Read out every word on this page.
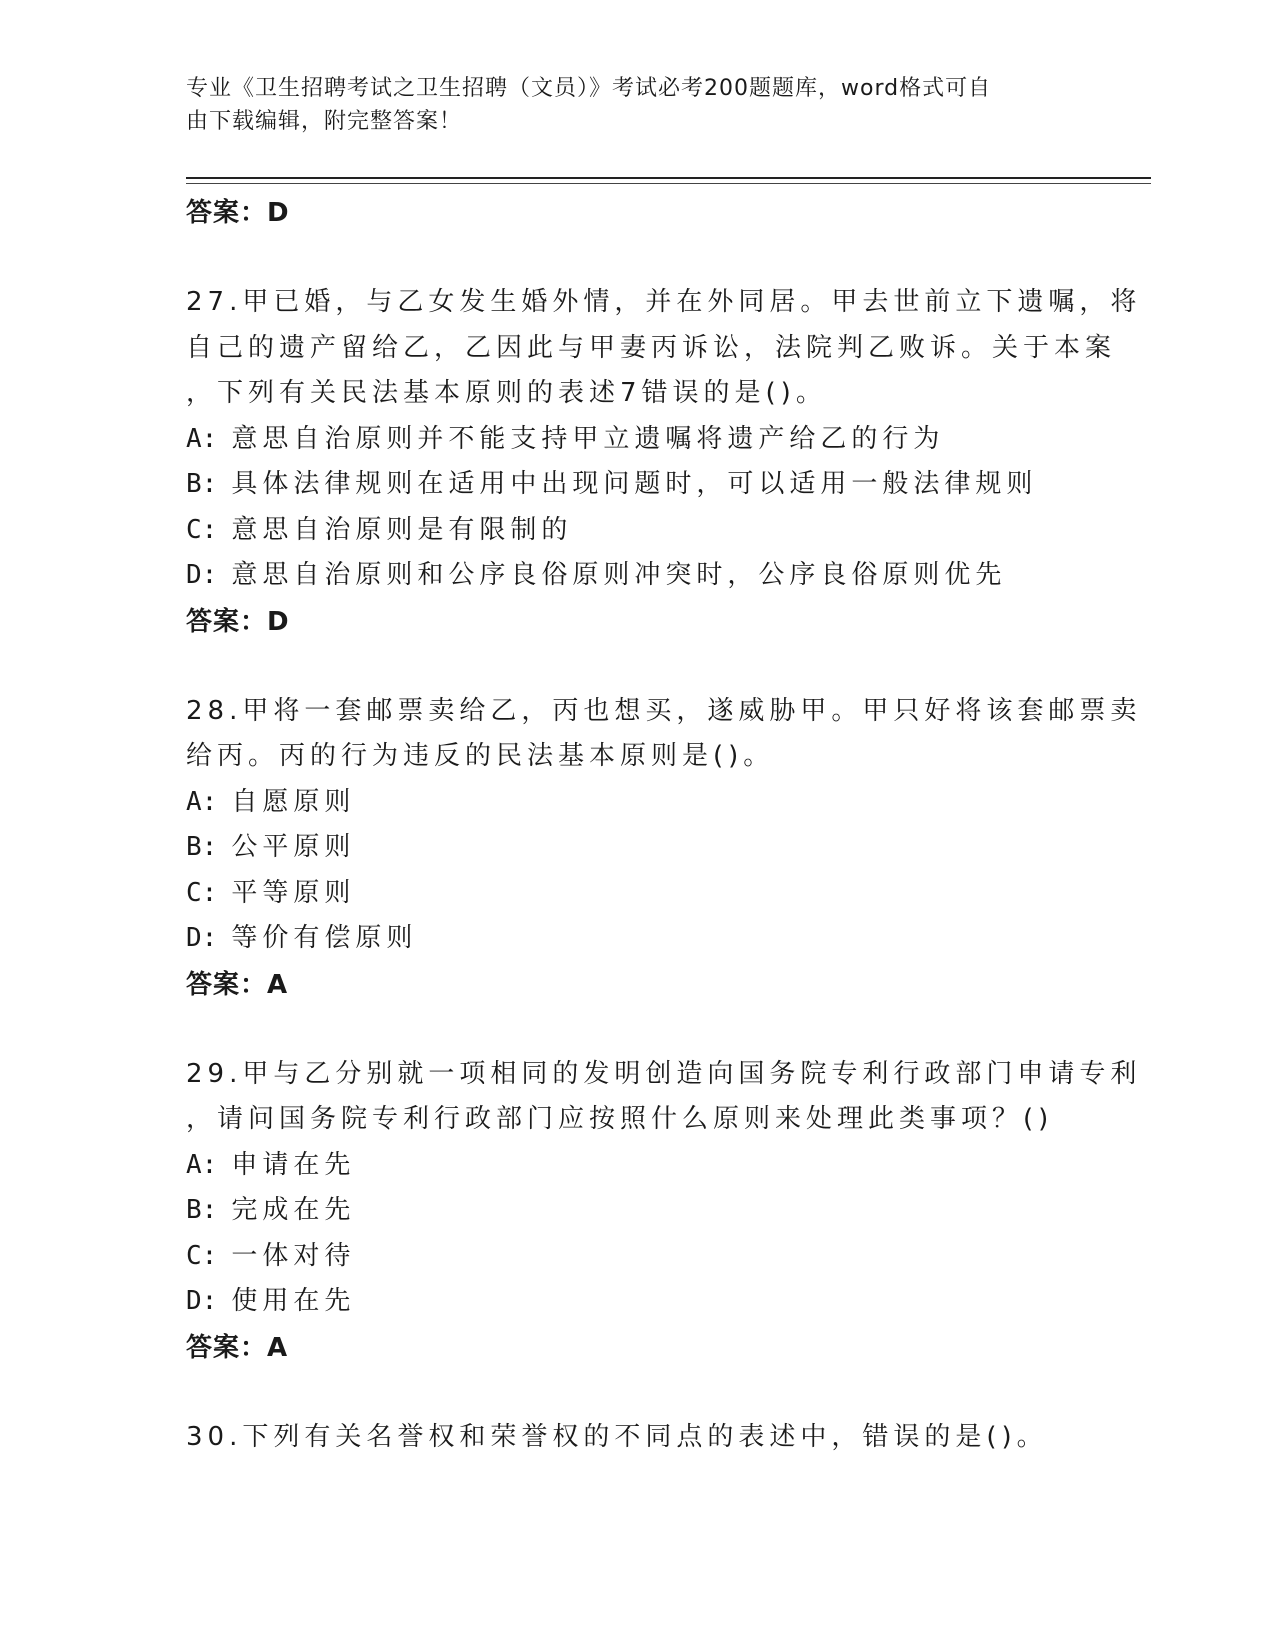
专业《卫生招聘考试之卫生招聘（文员）》考试必考200题题库，word格式可自
由下载编辑，附完整答案！
答案：D
27.甲已婚，与乙女发生婚外情，并在外同居。甲去世前立下遗嘱，将
自己的遗产留给乙，乙因此与甲妻丙诉讼，法院判乙败诉。关于本案
，下列有关民法基本原则的表述7错误的是()。
A: 意思自治原则并不能支持甲立遗嘱将遗产给乙的行为
B: 具体法律规则在适用中出现问题时，可以适用一般法律规则
C: 意思自治原则是有限制的
D: 意思自治原则和公序良俗原则冲突时，公序良俗原则优先
答案：D
28.甲将一套邮票卖给乙，丙也想买，遂威胁甲。甲只好将该套邮票卖
给丙。丙的行为违反的民法基本原则是()。
A: 自愿原则
B: 公平原则
C: 平等原则
D: 等价有偿原则
答案：A
29.甲与乙分别就一项相同的发明创造向国务院专利行政部门申请专利
，请问国务院专利行政部门应按照什么原则来处理此类事项？()
A: 申请在先
B: 完成在先
C: 一体对待
D: 使用在先
答案：A
30.下列有关名誉权和荣誉权的不同点的表述中，错误的是()。
